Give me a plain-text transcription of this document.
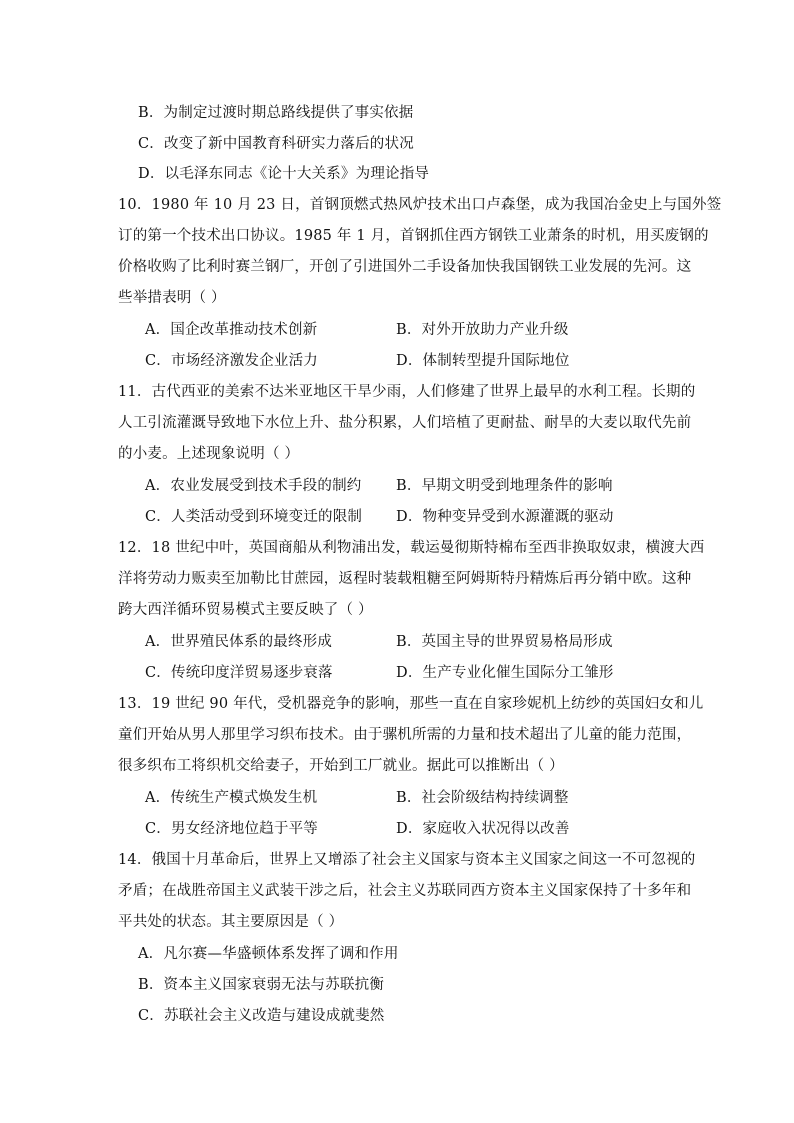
B．为制定过渡时期总路线提供了事实依据
C．改变了新中国教育科研实力落后的状况
D．以毛泽东同志《论十大关系》为理论指导
10．1980 年 10 月 23 日，首钢顶燃式热风炉技术出口卢森堡，成为我国冶金史上与国外签
订的第一个技术出口协议。1985 年 1 月，首钢抓住西方钢铁工业萧条的时机，用买废钢的
价格收购了比利时赛兰钢厂，开创了引进国外二手设备加快我国钢铁工业发展的先河。这
些举措表明（ ）
A．国企改革推动技术创新	B．对外开放助力产业升级
C．市场经济激发企业活力	D．体制转型提升国际地位
11．古代西亚的美索不达米亚地区干旱少雨，人们修建了世界上最早的水利工程。长期的
人工引流灌溉导致地下水位上升、盐分积累，人们培植了更耐盐、耐旱的大麦以取代先前
的小麦。上述现象说明（ ）
A．农业发展受到技术手段的制约 B．早期文明受到地理条件的影响
C．人类活动受到环境变迁的限制 D．物种变异受到水源灌溉的驱动
12．18 世纪中叶，英国商船从利物浦出发，载运曼彻斯特棉布至西非换取奴隶，横渡大西
洋将劳动力贩卖至加勒比甘蔗园，返程时装载粗糖至阿姆斯特丹精炼后再分销中欧。这种
跨大西洋循环贸易模式主要反映了（ ）
A．世界殖民体系的最终形成	B．英国主导的世界贸易格局形成
C．传统印度洋贸易逐步衰落	D．生产专业化催生国际分工雏形
13．19 世纪 90 年代，受机器竞争的影响，那些一直在自家珍妮机上纺纱的英国妇女和儿
童们开始从男人那里学习织布技术。由于骡机所需的力量和技术超出了儿童的能力范围，
很多织布工将织机交给妻子，开始到工厂就业。据此可以推断出（ ）
A．传统生产模式焕发生机	B．社会阶级结构持续调整
C．男女经济地位趋于平等	D．家庭收入状况得以改善
14．俄国十月革命后，世界上又增添了社会主义国家与资本主义国家之间这一不可忽视的
矛盾；在战胜帝国主义武装干涉之后，社会主义苏联同西方资本主义国家保持了十多年和
平共处的状态。其主要原因是（ ）
A．凡尔赛—华盛顿体系发挥了调和作用
B．资本主义国家衰弱无法与苏联抗衡
C．苏联社会主义改造与建设成就斐然
